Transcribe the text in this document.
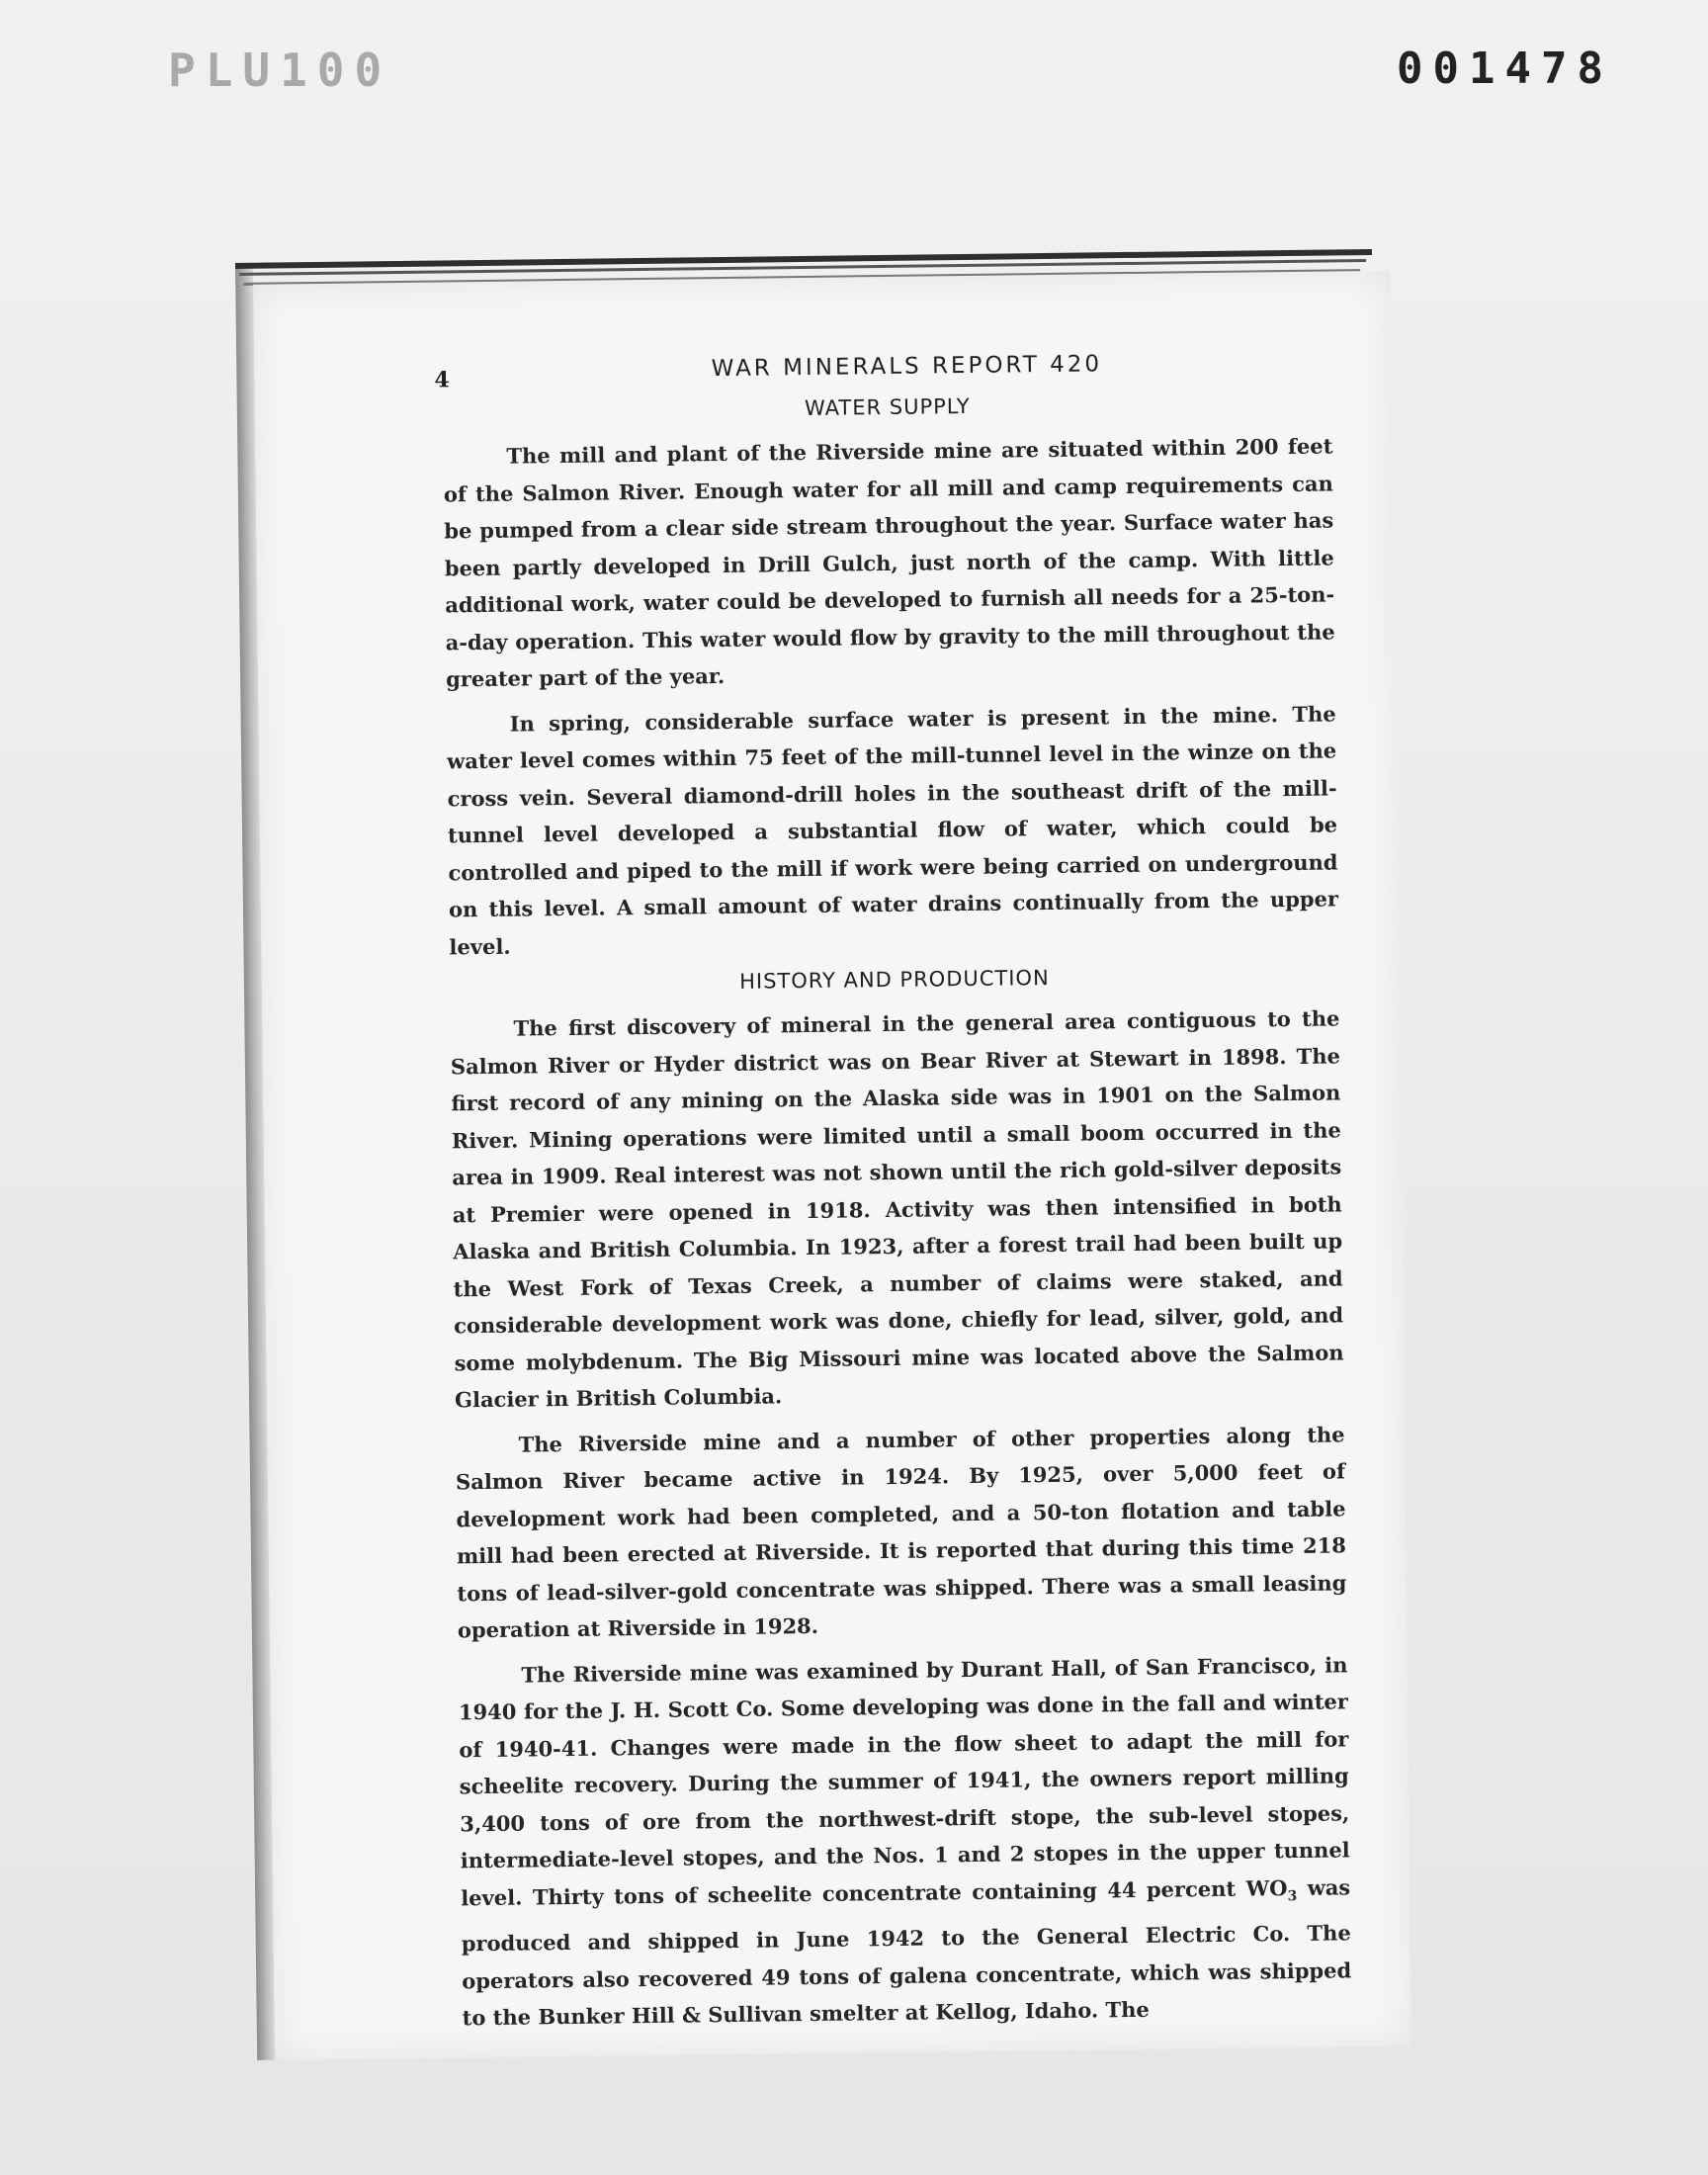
PLU100	001478
4	WAR MINERALS REPORT 420
WATER SUPPLY

The mill and plant of the Riverside mine are situated within 200 feet of the Salmon River. Enough water for all mill and camp requirements can be pumped from a clear side stream throughout the year. Surface water has been partly developed in Drill Gulch, just north of the camp. With little additional work, water could be developed to furnish all needs for a 25-ton-a-day operation. This water would flow by gravity to the mill throughout the greater part of the year.

In spring, considerable surface water is present in the mine. The water level comes within 75 feet of the mill-tunnel level in the winze on the cross vein. Several diamond-drill holes in the southeast drift of the mill-tunnel level developed a substantial flow of water, which could be controlled and piped to the mill if work were being carried on underground on this level. A small amount of water drains continually from the upper level.

HISTORY AND PRODUCTION

The first discovery of mineral in the general area contiguous to the Salmon River or Hyder district was on Bear River at Stewart in 1898. The first record of any mining on the Alaska side was in 1901 on the Salmon River. Mining operations were limited until a small boom occurred in the area in 1909. Real interest was not shown until the rich gold-silver deposits at Premier were opened in 1918. Activity was then intensified in both Alaska and British Columbia. In 1923, after a forest trail had been built up the West Fork of Texas Creek, a number of claims were staked, and considerable development work was done, chiefly for lead, silver, gold, and some molybdenum. The Big Missouri mine was located above the Salmon Glacier in British Columbia.

The Riverside mine and a number of other properties along the Salmon River became active in 1924. By 1925, over 5,000 feet of development work had been completed, and a 50-ton flotation and table mill had been erected at Riverside. It is reported that during this time 218 tons of lead-silver-gold concentrate was shipped. There was a small leasing operation at Riverside in 1928.

The Riverside mine was examined by Durant Hall, of San Francisco, in 1940 for the J. H. Scott Co. Some developing was done in the fall and winter of 1940-41. Changes were made in the flow sheet to adapt the mill for scheelite recovery. During the summer of 1941, the owners report milling 3,400 tons of ore from the northwest-drift stope, the sub-level stopes, intermediate-level stopes, and the Nos. 1 and 2 stopes in the upper tunnel level. Thirty tons of scheelite concentrate containing 44 percent $WO_3$ was produced and shipped in June 1942 to the General Electric Co. The operators also recovered 49 tons of galena concentrate, which was shipped to the Bunker Hill & Sullivan smelter at Kellog, Idaho. The
